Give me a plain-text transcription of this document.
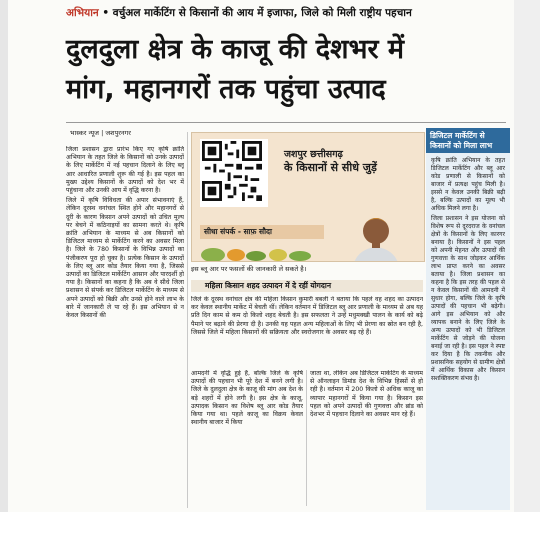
अभियान • वर्चुअल मार्केटिंग से किसानों की आय में इजाफा, जिले को मिली राष्ट्रीय पहचान
दुलदुला क्षेत्र के काजू की देशभर में
मांग, महानगरों तक पहुंचा उत्पाद
भास्कर न्यूज | जशपुरनगर

जिला प्रशासन द्वारा प्रारंभ किए गए कृषि क्रांति अभियान के तहत जिले के किसानों को उनके उत्पादों के लिए मार्केटिंग में नई पहचान दिलाने के लिए ब्लू आर आधारित प्रणाली शुरू की गई है। इस पहल का मुख्य उद्देश्य किसानों के उत्पादों को देश भर में पहुंचाना और उनकी आय में वृद्धि करना है।

जिले में कृषि विविधता की अपार संभावनाएं हैं, लेकिन दूरस्थ वनांचल स्थित होने और महानगरों से दूरी के कारण किसान अपने उत्पादों को उचित मूल्य पर बेचने में कठिनाइयों का सामना करते थे। कृषि क्रांति अभियान के माध्यम से अब किसानों को डिजिटल माध्यम से मार्केटिंग करने का अवसर मिला है। जिले के 780 किसानों के विभिन्न उत्पादों का पंजीकरण पूरा हो चुका है। प्रत्येक किसान के उत्पादों के लिए ब्लू आर कोड तैयार किया गया है, जिससे उत्पादों का डिजिटल मार्केटिंग आसान और पारदर्शी हो गया है। किसानों का कहना है कि अब वे सीधे जिला प्रशासन से संपर्क कर डिजिटल मार्केटिंग के माध्यम से अपने उत्पादों को बिक्री और उनसे होने वाले लाभ के बारे में जानकारी ले पा रहे हैं। इस अभियान से न केवल किसानों की

जशपुर छत्तीसगढ़
के किसानों से सीधे जुड़ें
सीधा संपर्क - साफ़ सौदा
इस ब्लू आर पर फसलों की जानकारी ले सकते है।
महिला किसान शहद उत्पादन में दे रहीं योगदान

जिले के दूरस्थ वनांचल क्षेत्र की महिला किसान कुमारी बबली ने बताया कि पहले वह शहद का उत्पादन कर केवल स्थानीय मार्केट में बेचती थीं। लेकिन वर्तमान में डिजिटल ब्लू आर प्रणाली के माध्यम से अब यह प्रति दिन काम से कम दो किलो शहद बेचती है। इस सफलता ने उन्हें मधुमक्खी पालन के कार्य को बढ़े पैमाने पर बढ़ाने की प्रेरणा दी है। उनकी यह पहल अन्य महिलाओं के लिए भी प्रेरणा का स्रोत बन रही है, जिससे जिले में महिला किसानों की सक्रियता और स्वरोजगार के अवसर बढ़ रहे हैं।

आमदनी में वृद्धि हुई है, बल्कि जिले के कृषि उत्पादों की पहचान भी पूरे देश में बनने लगी है। जिले के दुलदुला क्षेत्र के काजू की मांग अब देश के बड़े शहरों में होने लगी है। इस क्षेत्र के काजू, उत्पादक किसान का विशेष ब्लू आर कोड तैयार किया गया था। पहले काजू का विक्रय केवल स्थानीय बाजार में किया

जाता था, लेकिन अब डिजिटल मार्केटिंग के माध्यम से ऑनलाइन डिमांड देश के विभिन्न हिस्सों से हो रही है। वर्तमान में 200 किलो से अधिक काजू का व्यापार महानगरों में किया गया है। किसान इस पहल को अपने उत्पादों की गुणवत्ता और ब्रांड को देशभर में पहचान दिलाने का अवसर मान रहे हैं।

डिजिटल मार्केटिंग से किसानों को मिला लाभ

कृषि क्रांति अभियान के तहत डिजिटल मार्केटिंग और ब्लू आर कोड प्रणाली से किसानों को बाजार में प्रत्यक्ष पहुंच मिली है। इससे न केवल उनकी बिक्री बढ़ी है, बल्कि उत्पादों का मूल्य भी अधिक मिलने लगा है।

जिला प्रशासन ने इस योजना को विशेष रूप से दूरदराज के वनांचल क्षेत्रों के किसानों के लिए कारगर बनाया है। किसानों ने इस पहल को अपनी मेहनत और उत्पादों की गुणवत्ता के साथ जोड़कर आर्थिक लाभ प्राप्त करने का अवसर बताया है। जिला प्रशासन का कहना है कि इस तरह की पहल से न केवल किसानों की आमदनी में सुधार होगा, बल्कि जिले के कृषि उत्पादों की पहचान भी बढ़ेगी। आगे इस अभियान को और व्यापक बनाने के लिए जिले के अन्य उत्पादों को भी डिजिटल मार्केटिंग से जोड़ने की योजना बनाई जा रही है। इस पहल ने स्पष्ट कर दिया है कि तकनीक और प्रशासनिक सहयोग से ग्रामीण क्षेत्रों में आर्थिक विकास और किसान सशक्तिकरण संभव है।
